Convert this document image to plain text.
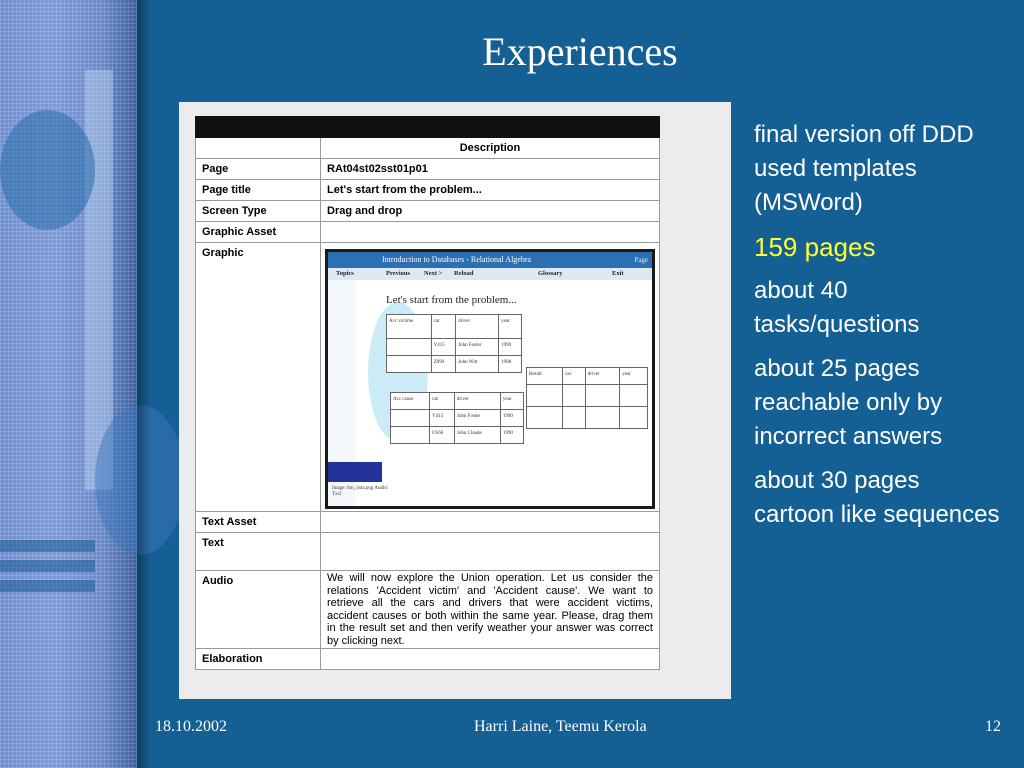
Experiences

	Description
Page	RAt04st02sst01p01
Page title	Let's start from the problem...
Screen Type	Drag and drop
Graphic Asset	
Graphic	
Introduction to Databases - Relational Algebra	Page
Topics	Previous Next > Reload	Glossary	Exit
Let's start from the problem...
Acc victime	car	driver	year
	Y415	John Foster	1990
	Z890	John Witt	1998
Result	car	driver	year

Acc cause	car	driver	year
	Y415	John Foster	1990
	O566	John Claude	1990
Image: fon_lista.png Audio: Txt2

Text Asset	
Text	
Audio	We will now explore the Union operation. Let us consider the relations 'Accident victim' and 'Accident cause'. We want to retrieve all the cars and drivers that were accident victims, accident causes or both within the same year. Please, drag them in the result set and then verify weather your answer was correct by clicking next.
Elaboration	

final version off DDD used templates (MSWord)

159 pages

about 40 tasks/questions

about 25 pages reachable only by incorrect answers

about 30 pages cartoon like sequences

18.10.2002	Harri Laine, Teemu Kerola	12
